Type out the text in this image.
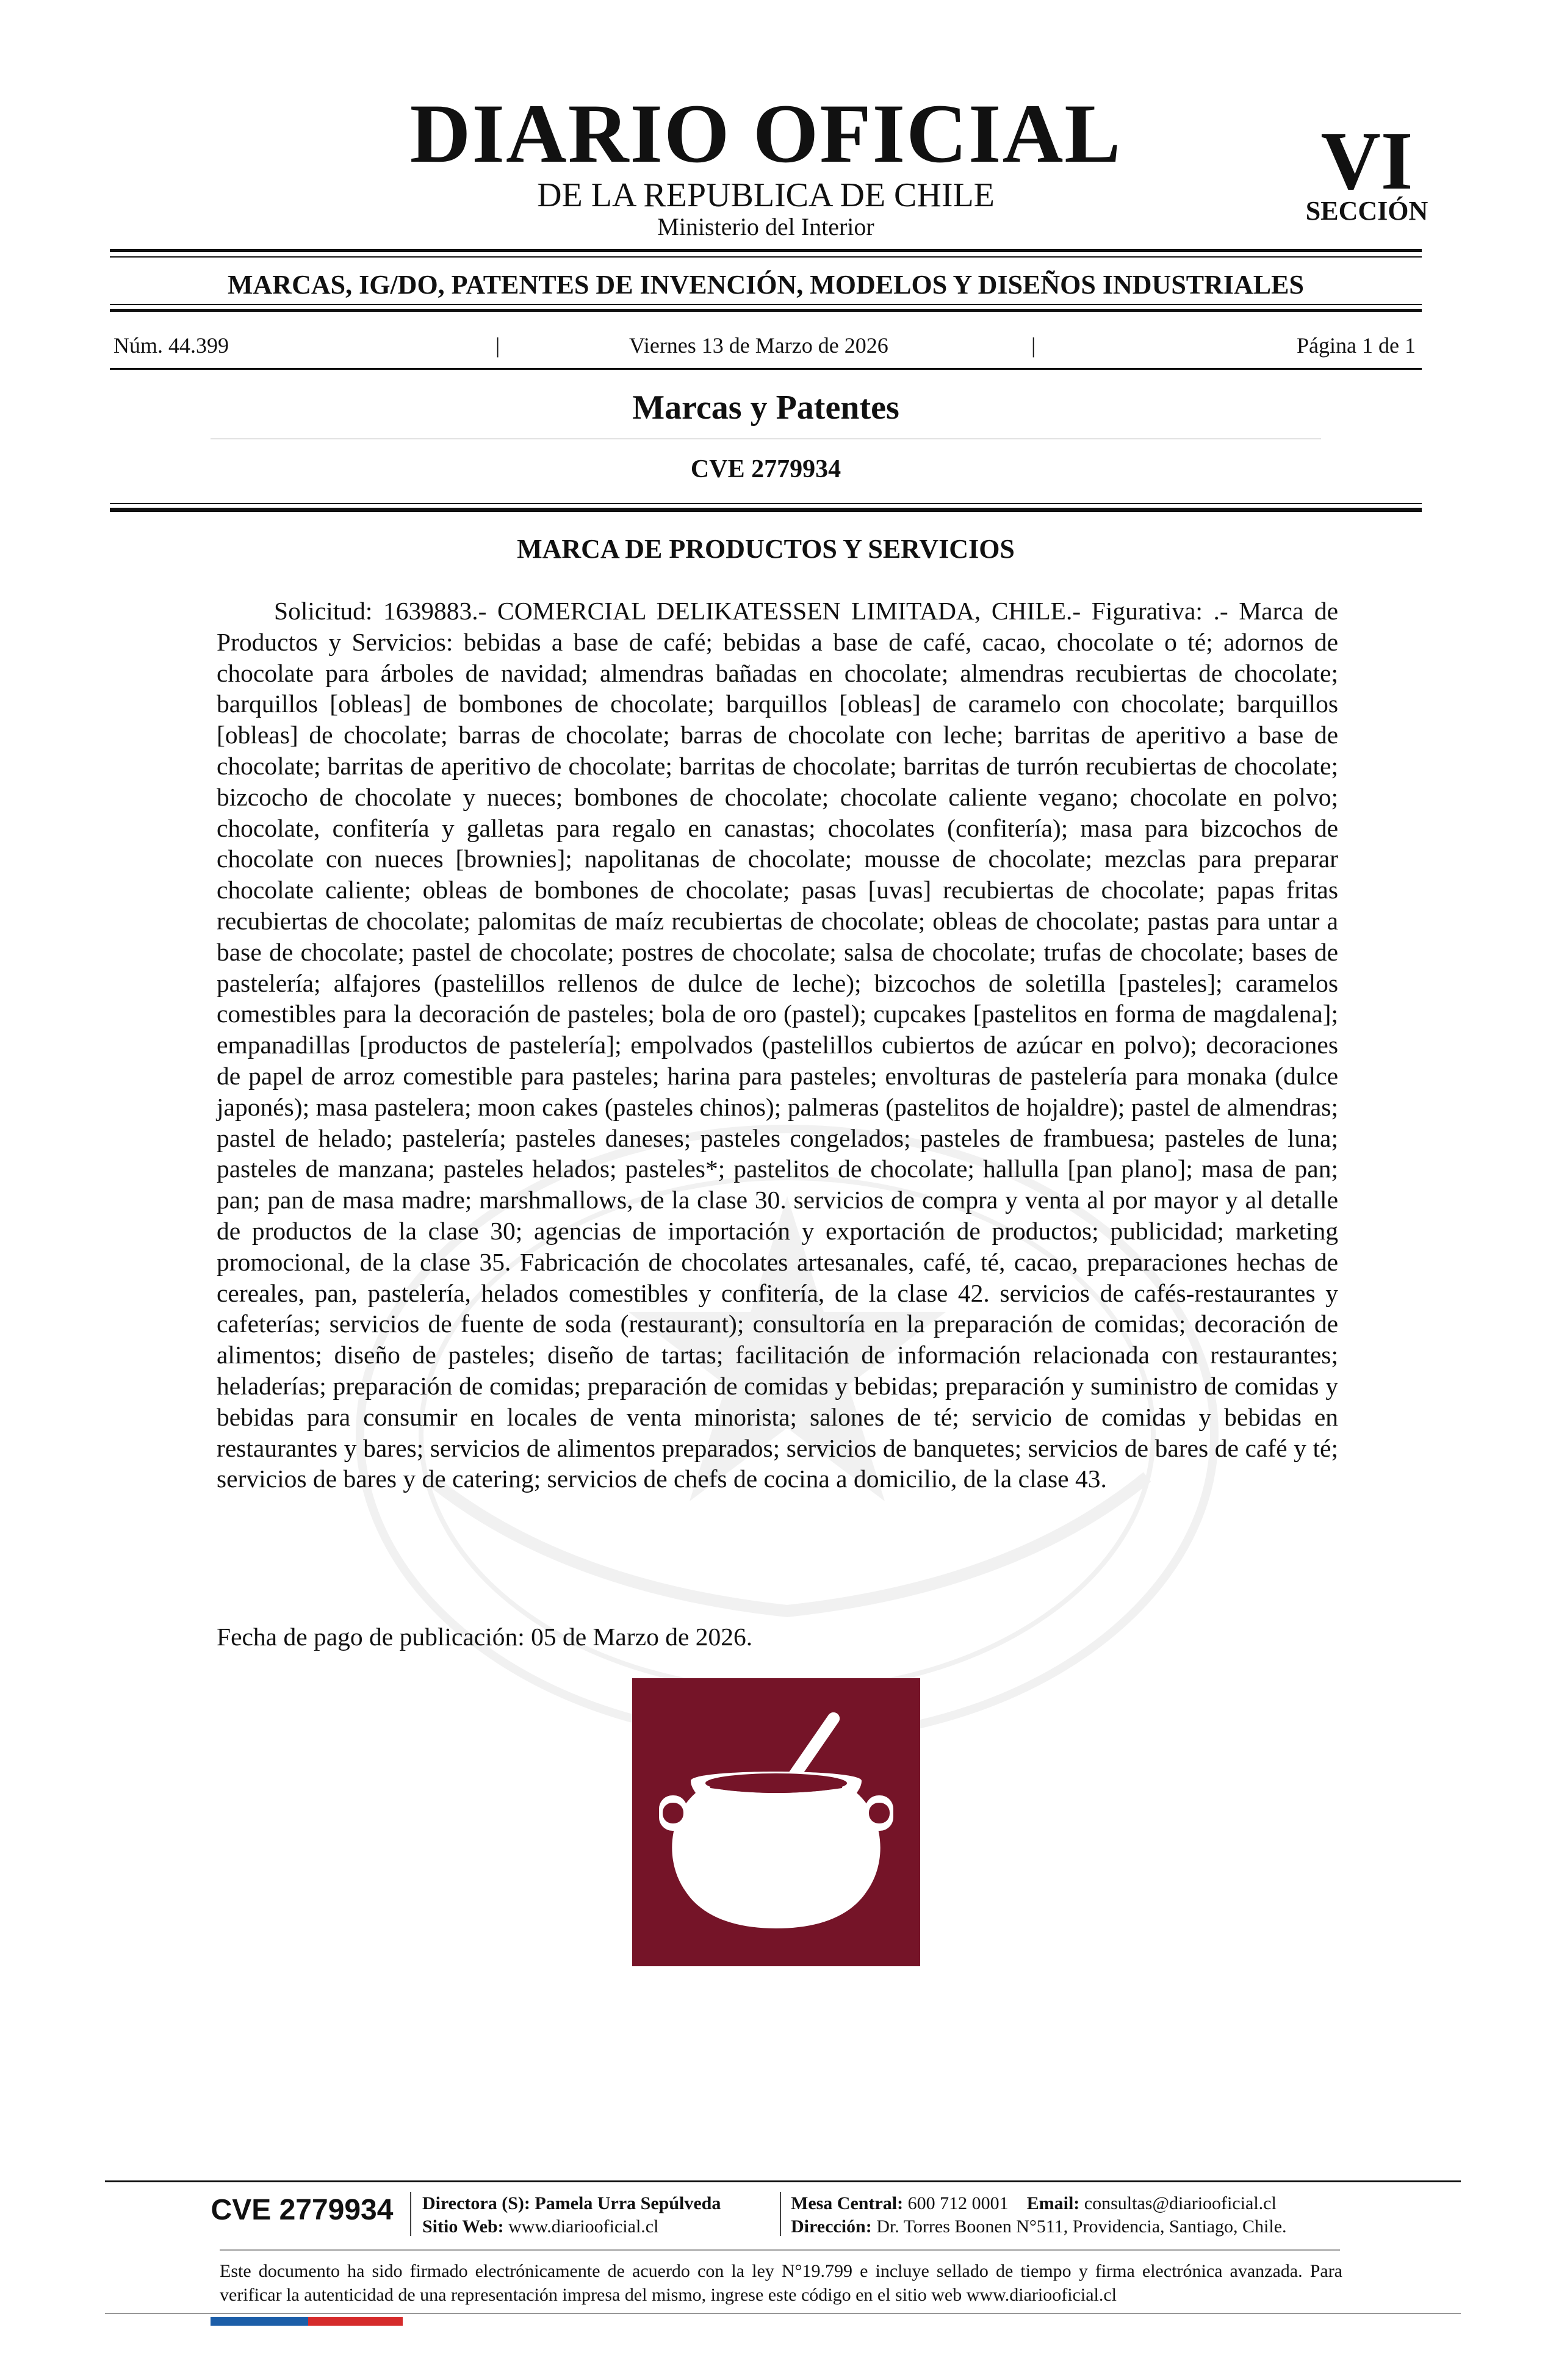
DIARIO OFICIAL
DE LA REPUBLICA DE CHILE
Ministerio del Interior
VI
SECCIÓN
MARCAS, IG/DO, PATENTES DE INVENCIÓN, MODELOS Y DISEÑOS INDUSTRIALES
Núm. 44.399	|	Viernes 13 de Marzo de 2026	|	Página 1 de 1
Marcas y Patentes
CVE 2779934
MARCA DE PRODUCTOS Y SERVICIOS

Solicitud: 1639883.- COMERCIAL DELIKATESSEN LIMITADA, CHILE.- Figurativa: .- Marca de Productos y Servicios: bebidas a base de café; bebidas a base de café, cacao, chocolate o té; adornos de chocolate para árboles de navidad; almendras bañadas en chocolate; almendras recubiertas de chocolate; barquillos [obleas] de bombones de chocolate; barquillos [obleas] de caramelo con chocolate; barquillos [obleas] de chocolate; barras de chocolate; barras de chocolate con leche; barritas de aperitivo a base de chocolate; barritas de aperitivo de chocolate; barritas de chocolate; barritas de turrón recubiertas de chocolate; bizcocho de chocolate y nueces; bombones de chocolate; chocolate caliente vegano; chocolate en polvo; chocolate, confitería y galletas para regalo en canastas; chocolates (confitería); masa para bizcochos de chocolate con nueces [brownies]; napolitanas de chocolate; mousse de chocolate; mezclas para preparar chocolate caliente; obleas de bombones de chocolate; pasas [uvas] recubiertas de chocolate; papas fritas recubiertas de chocolate; palomitas de maíz recubiertas de chocolate; obleas de chocolate; pastas para untar a base de chocolate; pastel de chocolate; postres de chocolate; salsa de chocolate; trufas de chocolate; bases de pastelería; alfajores (pastelillos rellenos de dulce de leche); bizcochos de soletilla [pasteles]; caramelos comestibles para la decoración de pasteles; bola de oro (pastel); cupcakes [pastelitos en forma de magdalena]; empanadillas [productos de pastelería]; empolvados (pastelillos cubiertos de azúcar en polvo); decoraciones de papel de arroz comestible para pasteles; harina para pasteles; envolturas de pastelería para monaka (dulce japonés); masa pastelera; moon cakes (pasteles chinos); palmeras (pastelitos de hojaldre); pastel de almendras; pastel de helado; pastelería; pasteles daneses; pasteles congelados; pasteles de frambuesa; pasteles de luna; pasteles de manzana; pasteles helados; pasteles*; pastelitos de chocolate; hallulla [pan plano]; masa de pan; pan; pan de masa madre; marshmallows, de la clase 30. servicios de compra y venta al por mayor y al detalle de productos de la clase 30; agencias de importación y exportación de productos; publicidad; marketing promocional, de la clase 35. Fabricación de chocolates artesanales, café, té, cacao, preparaciones hechas de cereales, pan, pastelería, helados comestibles y confitería, de la clase 42. servicios de cafés-restaurantes y cafeterías; servicios de fuente de soda (restaurant); consultoría en la preparación de comidas; decoración de alimentos; diseño de pasteles; diseño de tartas; facilitación de información relacionada con restaurantes; heladerías; preparación de comidas; preparación de comidas y bebidas; preparación y suministro de comidas y bebidas para consumir en locales de venta minorista; salones de té; servicio de comidas y bebidas en restaurantes y bares; servicios de alimentos preparados; servicios de banquetes; servicios de bares de café y té; servicios de bares y de catering; servicios de chefs de cocina a domicilio, de la clase 43.

Fecha de pago de publicación: 05 de Marzo de 2026.
CVE 2779934	Directora (S): Pamela Urra Sepúlveda
Sitio Web: www.diariooficial.cl
Mesa Central: 600 712 0001 Email: consultas@diariooficial.cl
Dirección: Dr. Torres Boonen N°511, Providencia, Santiago, Chile.
Este documento ha sido firmado electrónicamente de acuerdo con la ley N°19.799 e incluye sellado de tiempo y firma electrónica avanzada. Para verificar la autenticidad de una representación impresa del mismo, ingrese este código en el sitio web www.diariooficial.cl
